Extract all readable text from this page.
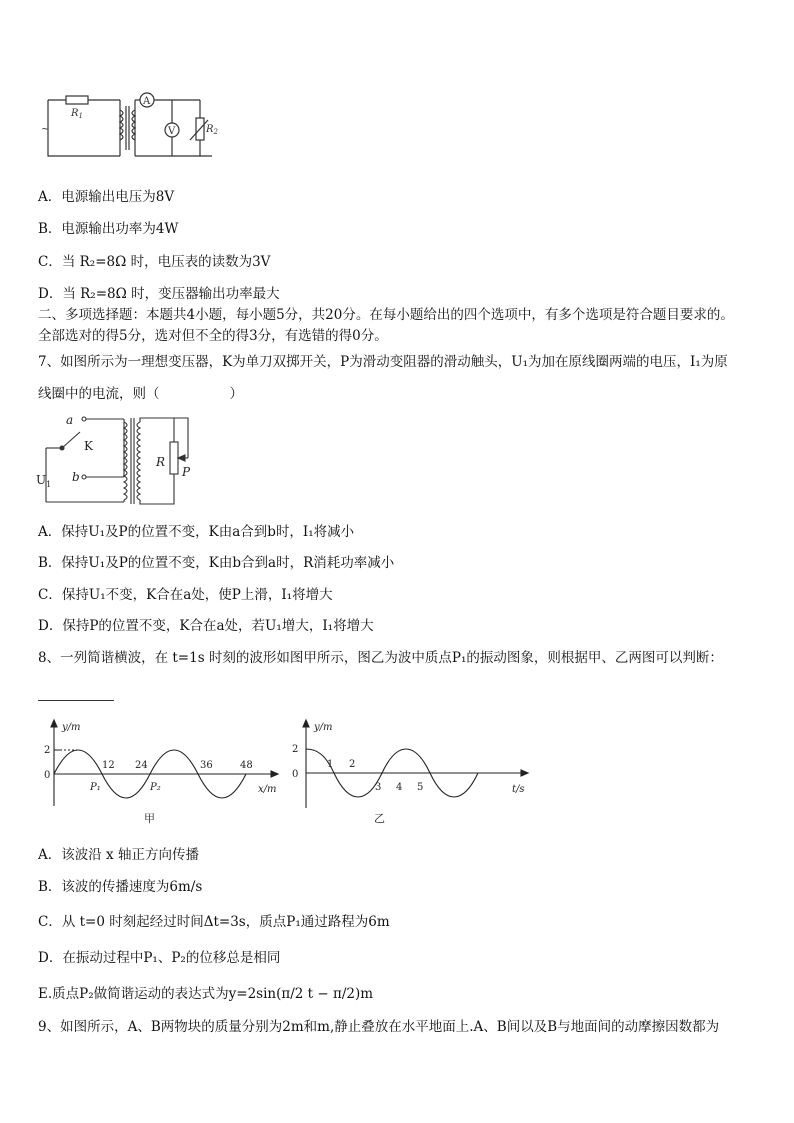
~
$R_1$
A
V	$R_2$
A．电源输出电压为8V
B．电源输出功率为4W
C．当 R₂=8Ω 时，电压表的读数为3V
D．当 R₂=8Ω 时，变压器输出功率最大
二、多项选择题：本题共4小题，每小题5分，共20分。在每小题给出的四个选项中，有多个选项是符合题目要求的。
全部选对的得5分，选对但不全的得3分，有选错的得0分。
7、如图所示为一理想变压器，K为单刀双掷开关，P为滑动变阻器的滑动触头，U₁为加在原线圈两端的电压，I₁为原
线圈中的电流，则（	）
a
K
b
$U_1$
R
P
A．保持U₁及P的位置不变，K由a合到b时，I₁将减小
B．保持U₁及P的位置不变，K由b合到a时，R消耗功率减小
C．保持U₁不变，K合在a处，使P上滑，I₁将增大
D．保持P的位置不变，K合在a处，若U₁增大，I₁将增大
8、一列简谐横波，在 t=1s 时刻的波形如图甲所示，图乙为波中质点P₁的振动图象，则根据甲、乙两图可以判断：
y/m
2
0
12 24	36	48
P₁	P₂	x/m
甲
y/m
2
0
1 2
3 4 5	t/s
乙
A．该波沿 x 轴正方向传播
B．该波的传播速度为6m/s
C．从 t=0 时刻起经过时间Δt=3s，质点P₁通过路程为6m
D．在振动过程中P₁、P₂的位移总是相同
E.质点P₂做简谐运动的表达式为y=2sin(π/2 t − π/2)m
9、如图所示，A、B两物块的质量分别为2m和m,静止叠放在水平地面上.A、B间以及B与地面间的动摩擦因数都为
